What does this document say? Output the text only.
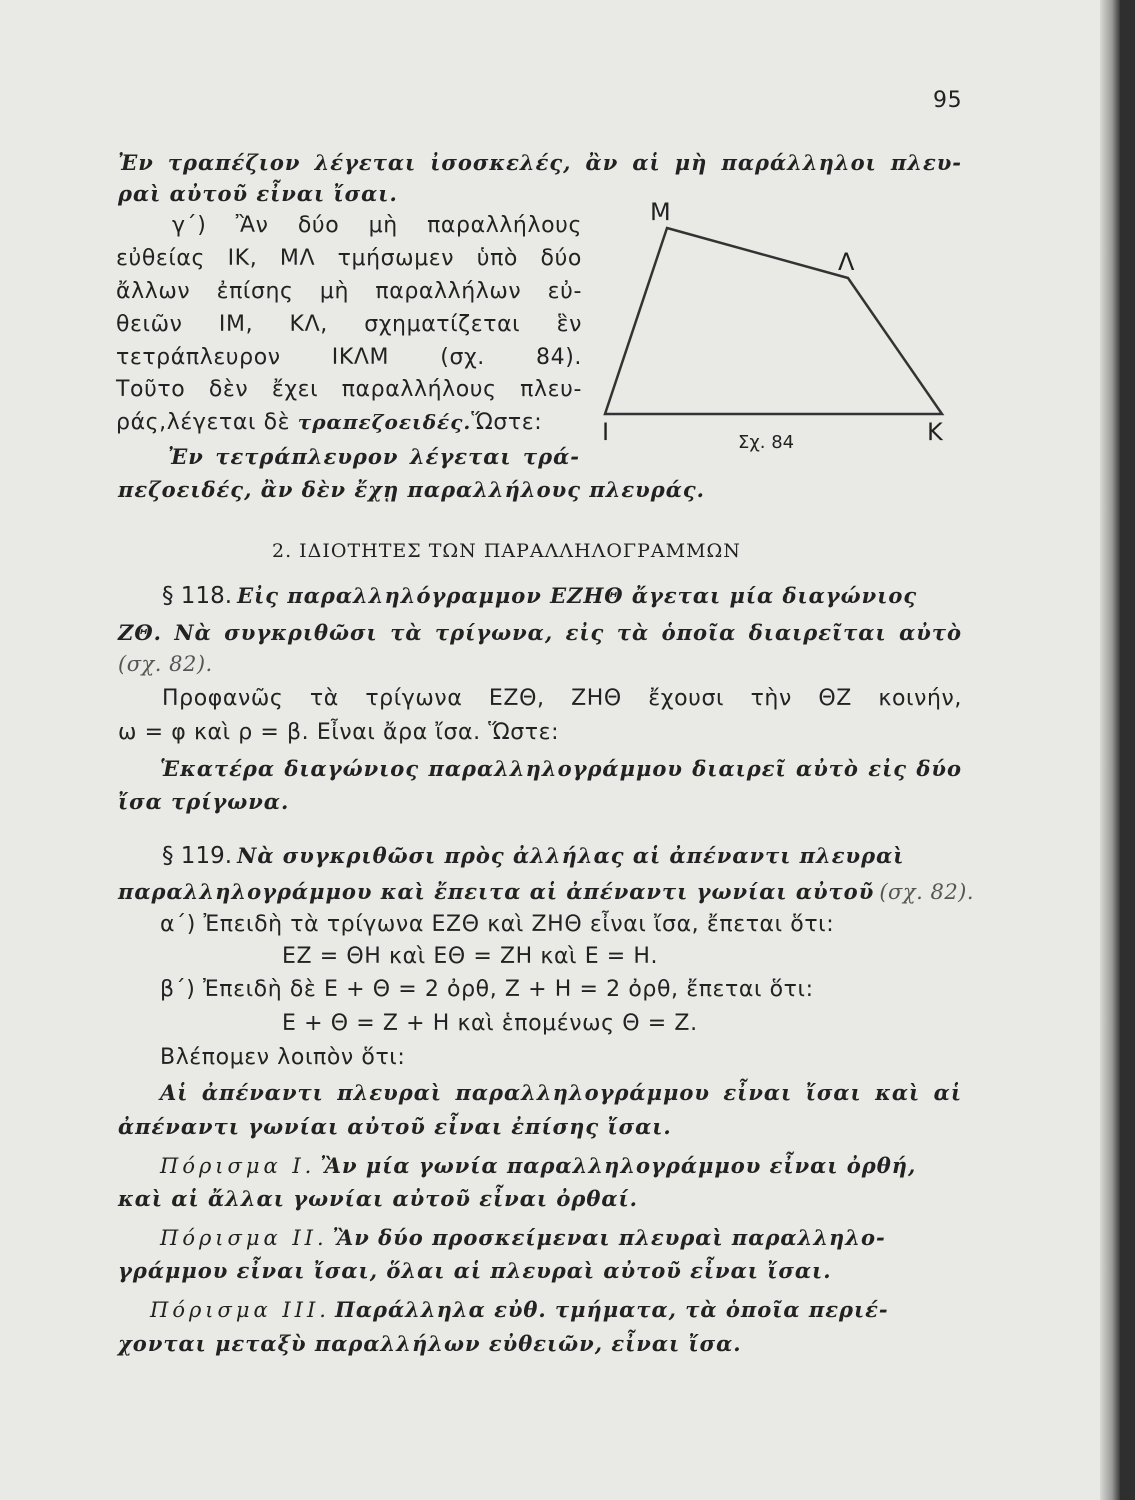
95
Ἐν τραπέζιον λέγεται ἰσοσκελές, ἂν αἱ μὴ παράλληλοι πλευ-
ραὶ αὐτοῦ εἶναι ἴσαι.
γ΄) Ἂν δύο μὴ παραλλήλους
εὐθείας ΙΚ, ΜΛ τμήσωμεν ὑπὸ δύο
ἄλλων ἐπίσης μὴ παραλλήλων εὐ-
θειῶν ΙΜ, ΚΛ, σχηματίζεται ἓν
τετράπλευρον ΙΚΛΜ (σχ. 84).
Τοῦτο δὲν ἔχει παραλλήλους πλευ-
ράς,λέγεται δὲ τραπεζοειδές.Ὥστε:
Ἐν τετράπλευρον λέγεται τρά-
πεζοειδές, ἂν δὲν ἔχῃ παραλλήλους πλευράς.
Μ
Λ
Ι	Κ
Σχ. 84
2. ΙΔΙΟΤΗΤΕΣ ΤΩΝ ΠΑΡΑΛΛΗΛΟΓΡΑΜΜΩΝ
§ 118. Εἰς παραλληλόγραμμον ΕΖΗΘ ἄγεται μία διαγώνιος
ΖΘ. Νὰ συγκριθῶσι τὰ τρίγωνα, εἰς τὰ ὁποῖα διαιρεῖται αὐτὸ
(σχ. 82).
Προφανῶς τὰ τρίγωνα ΕΖΘ, ΖΗΘ ἔχουσι τὴν ΘΖ κοινήν,
ω = φ καὶ ρ = β. Εἶναι ἄρα ἴσα. Ὥστε:
Ἑκατέρα διαγώνιος παραλληλογράμμου διαιρεῖ αὐτὸ εἰς δύο
ἴσα τρίγωνα.
§ 119. Νὰ συγκριθῶσι πρὸς ἀλλήλας αἱ ἀπέναντι πλευραὶ
παραλληλογράμμου καὶ ἔπειτα αἱ ἀπέναντι γωνίαι αὐτοῦ (σχ. 82).
α΄) Ἐπειδὴ τὰ τρίγωνα ΕΖΘ καὶ ΖΗΘ εἶναι ἴσα, ἔπεται ὅτι:
ΕΖ = ΘΗ καὶ ΕΘ = ΖΗ καὶ Ε = Η.
β΄) Ἐπειδὴ δὲ Ε + Θ = 2 ὀρθ, Ζ + Η = 2 ὀρθ, ἔπεται ὅτι:
Ε + Θ = Ζ + Η καὶ ἑπομένως Θ = Ζ.
Βλέπομεν λοιπὸν ὅτι:
Αἱ ἀπέναντι πλευραὶ παραλληλογράμμου εἶναι ἴσαι καὶ αἱ
ἀπέναντι γωνίαι αὐτοῦ εἶναι ἐπίσης ἴσαι.
Πόρισμα Ι. Ἂν μία γωνία παραλληλογράμμου εἶναι ὀρθή,
καὶ αἱ ἄλλαι γωνίαι αὐτοῦ εἶναι ὀρθαί.
Πόρισμα ΙΙ. Ἂν δύο προσκείμεναι πλευραὶ παραλληλο-
γράμμου εἶναι ἴσαι, ὅλαι αἱ πλευραὶ αὐτοῦ εἶναι ἴσαι.
Πόρισμα ΙΙΙ. Παράλληλα εὐθ. τμήματα, τὰ ὁποῖα περιέ-
χονται μεταξὺ παραλλήλων εὐθειῶν, εἶναι ἴσα.
